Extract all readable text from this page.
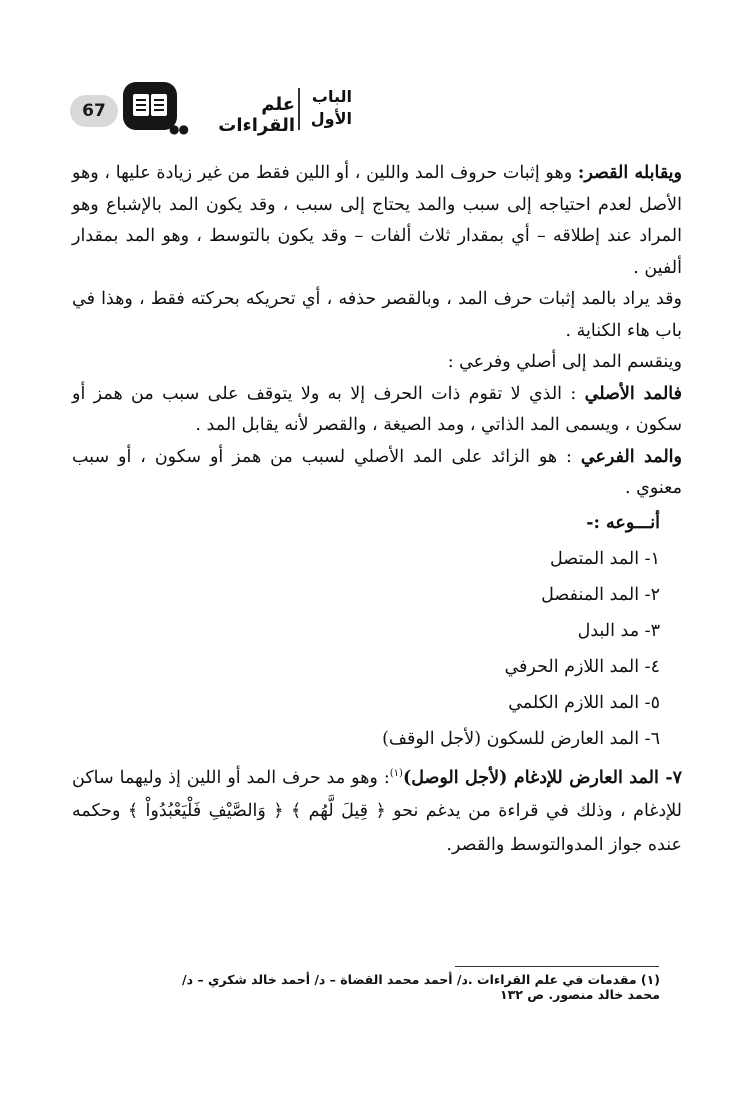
67
●●
علم القراءات
الباب
الأول

ويقابله القصر: وهو إثبات حروف المد واللين ، أو اللين فقط من غير زيادة عليها ، وهو الأصل لعدم احتياجه إلى سبب والمد يحتاج إلى سبب ، وقد يكون المد بالإشباع وهو المراد عند إطلاقه – أي بمقدار ثلاث ألفات – وقد يكون بالتوسط ، وهو المد بمقدار ألفين .

وقد يراد بالمد إثبات حرف المد ، وبالقصر حذفه ، أي تحريكه بحركته فقط ، وهذا في باب هاء الكناية .

وينقسم المد إلى أصلي وفرعي :

فالمد الأصلي : الذي لا تقوم ذات الحرف إلا به ولا يتوقف على سبب من همز أو سكون ، ويسمى المد الذاتي ، ومد الصيغة ، والقصر لأنه يقابل المد .

والمد الفرعي : هو الزائد على المد الأصلي لسبب من همز أو سكون ، أو سبب معنوي .

أنـــوعه :-

١- المد المتصل

٢- المد المنفصل

٣- مد البدل

٤- المد اللازم الحرفي

٥- المد اللازم الكلمي

٦- المد العارض للسكون (لأجل الوقف)

٧- المد العارض للإدغام (لأجل الوصل)$^{(١)}$: وهو مد حرف المد أو اللين إذ وليهما ساكن للإدغام ، وذلك في قراءة من يدغم نحو ﴿ قِيلَ لَّهُم ﴾ ﴿ وَالصَّيْفِ فَلْيَعْبُدُواْ ﴾ وحكمه عنده جواز المدوالتوسط والقصر.

(١) مقدمات في علم القراءات .د/ أحمد محمد القضاة – د/ أحمد خالد شكري – د/ محمد خالد منصور. ص ١٣٢
